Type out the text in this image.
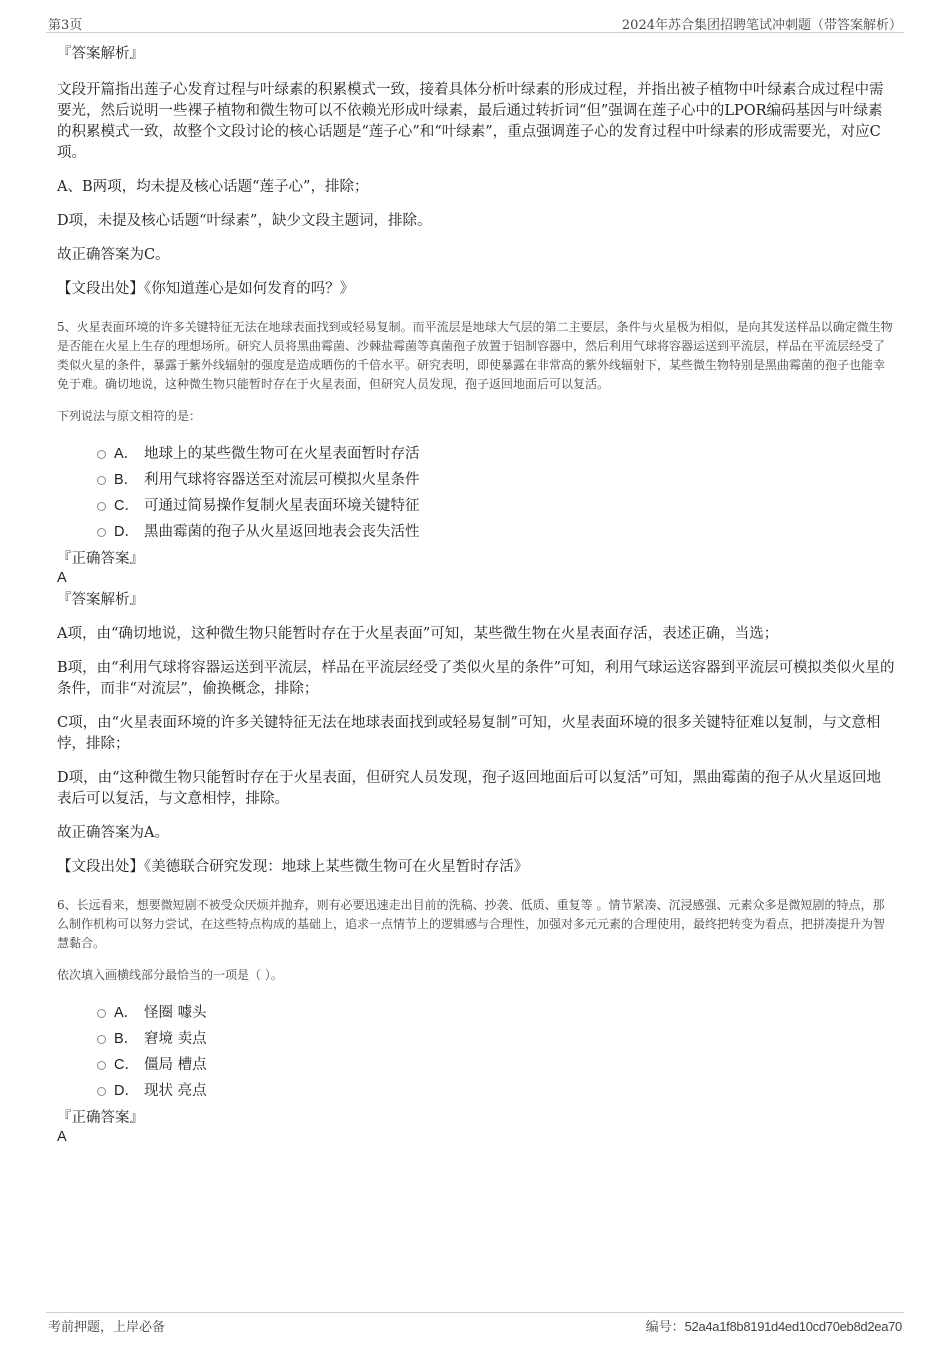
第3页	2024年苏合集团招聘笔试冲刺题（带答案解析）

『答案解析』

文段开篇指出莲子心发育过程与叶绿素的积累模式一致，接着具体分析叶绿素的形成过程，并指出被子植物中叶绿素合成过程中需要光，然后说明一些裸子植物和微生物可以不依赖光形成叶绿素，最后通过转折词“但”强调在莲子心中的LPOR编码基因与叶绿素的积累模式一致，故整个文段讨论的核心话题是“莲子心”和“叶绿素”，重点强调莲子心的发育过程中叶绿素的形成需要光，对应C项。

A、B两项，均未提及核心话题“莲子心”，排除；

D项，未提及核心话题“叶绿素”，缺少文段主题词，排除。

故正确答案为C。

【文段出处】《你知道莲心是如何发育的吗？》

5、火星表面环境的许多关键特征无法在地球表面找到或轻易复制。而平流层是地球大气层的第二主要层，条件与火星极为相似，是向其发送样品以确定微生物是否能在火星上生存的理想场所。研究人员将黑曲霉菌、沙棘盐霉菌等真菌孢子放置于铝制容器中，然后利用气球将容器运送到平流层，样品在平流层经受了类似火星的条件，暴露于紫外线辐射的强度是造成晒伤的千倍水平。研究表明，即使暴露在非常高的紫外线辐射下，某些微生物特别是黑曲霉菌的孢子也能幸免于难。确切地说，这种微生物只能暂时存在于火星表面，但研究人员发现，孢子返回地面后可以复活。

下列说法与原文相符的是：

A． 地球上的某些微生物可在火星表面暂时存活
B． 利用气球将容器送至对流层可模拟火星条件
C． 可通过简易操作复制火星表面环境关键特征
D． 黑曲霉菌的孢子从火星返回地表会丧失活性

『正确答案』

A

『答案解析』

A项，由“确切地说，这种微生物只能暂时存在于火星表面”可知，某些微生物在火星表面存活，表述正确，当选；

B项，由“利用气球将容器运送到平流层，样品在平流层经受了类似火星的条件”可知，利用气球运送容器到平流层可模拟类似火星的条件，而非“对流层”，偷换概念，排除；

C项，由“火星表面环境的许多关键特征无法在地球表面找到或轻易复制”可知，火星表面环境的很多关键特征难以复制，与文意相悖，排除；

D项，由“这种微生物只能暂时存在于火星表面，但研究人员发现，孢子返回地面后可以复活”可知，黑曲霉菌的孢子从火星返回地表后可以复活，与文意相悖，排除。

故正确答案为A。

【文段出处】《美德联合研究发现：地球上某些微生物可在火星暂时存活》

6、长远看来，想要微短剧不被受众厌烦并抛弃，则有必要迅速走出目前的洗稿、抄袭、低质、重复等 。情节紧凑、沉浸感强、元素众多是微短剧的特点，那么制作机构可以努力尝试，在这些特点构成的基础上，追求一点情节上的逻辑感与合理性，加强对多元元素的合理使用，最终把转变为看点，把拼凑提升为智慧黏合。

依次填入画横线部分最恰当的一项是（ ）。

A． 怪圈 噱头
B． 窘境 卖点
C． 僵局 槽点
D． 现状 亮点

『正确答案』

A

考前押题，上岸必备	编号：52a4a1f8b8191d4ed10cd70eb8d2ea70
